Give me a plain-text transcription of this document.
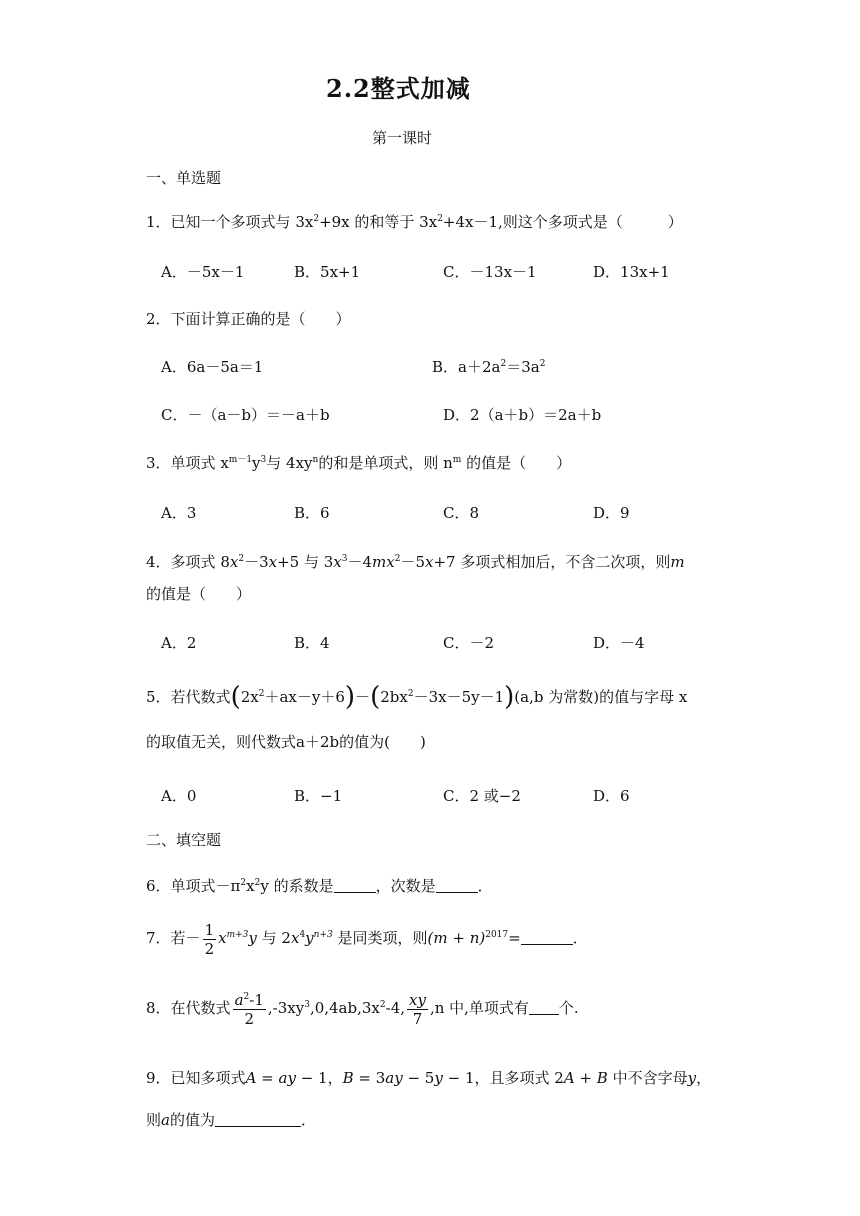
2.2整式加减
第一课时
一、单选题
1．已知一个多项式与 $3x^2+9x$ 的和等于 $3x^2+4x-1$,则这个多项式是（　　　）
A．－5x－1	B．5x+1	C．－13x－1	D．13x+1
2．下面计算正确的是（　　）
A．6a－5a＝1	B．$a+2a^2=3a^2$
C．－（a－b）＝－a＋b	D．2（a＋b）＝2a＋b
3．单项式 $x^{m-1}y^3$与 $4xy^n$的和是单项式，则 $n^m$ 的值是（　　）
A．3	B．6	C．8	D．9
4．多项式 $8x^2-3x+5$ 与 $3x^3-4mx^2-5x+7$ 多项式相加后，不含二次项，则m
的值是（　　）
A．2	B．4	C．－2	D．－4
5．若代数式$(2x^2+ax-y+6)-(2bx^2-3x-5y-1)(a,b$ 为常数)的值与字母 x
的取值无关，则代数式a＋2b的值为(　　)
A．0	B．−1	C．2 或−2	D．6
二、填空题
6．单项式$-\pi^2x^2y$ 的系数是	，次数是	．
7．若－ $\frac{1}{2} x^{m+3}y$ 与 $2x^4y^{n+3}$ 是同类项，则$(m + n)^{2017}=$	．
8．在代数式 $\frac{a^2-1}{2} ,-3xy^3,0,4ab,3x^2-4$, $\frac{xy}{7} ,n$ 中,单项式有 个.
9．已知多项式A = ay − 1，B = 3ay − 5y − 1，且多项式 2A + B 中不含字母y，
则a的值为	．
